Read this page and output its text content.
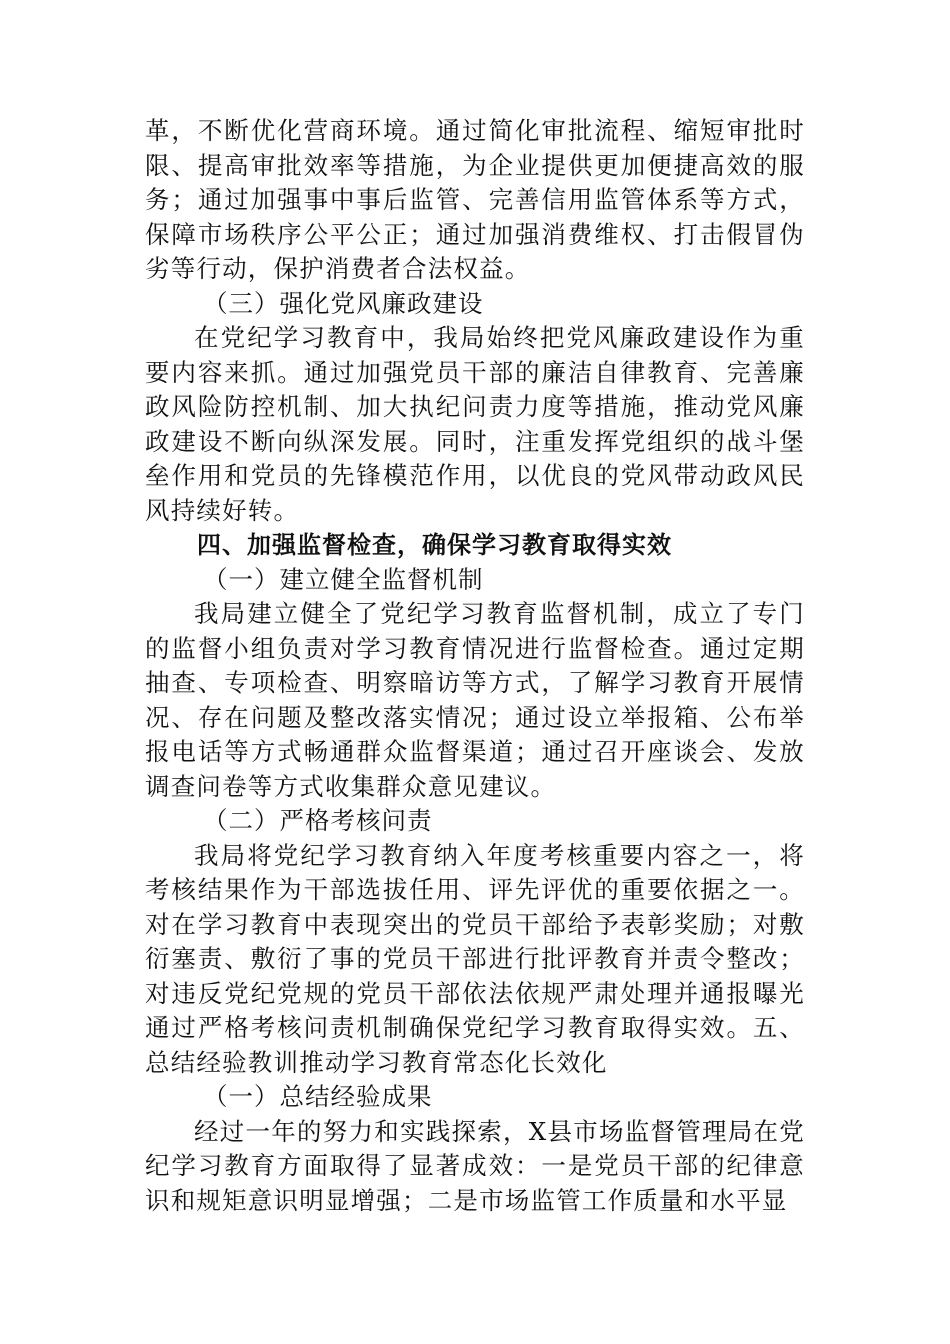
革，不断优化营商环境。通过简化审批流程、缩短审批时限、提高审批效率等措施，为企业提供更加便捷高效的服务；通过加强事中事后监管、完善信用监管体系等方式，保障市场秩序公平公正；通过加强消费维权、打击假冒伪劣等行动，保护消费者合法权益。

（三）强化党风廉政建设

在党纪学习教育中，我局始终把党风廉政建设作为重要内容来抓。通过加强党员干部的廉洁自律教育、完善廉政风险防控机制、加大执纪问责力度等措施，推动党风廉政建设不断向纵深发展。同时，注重发挥党组织的战斗堡垒作用和党员的先锋模范作用，以优良的党风带动政风民风持续好转。

四、加强监督检查，确保学习教育取得实效

（一）建立健全监督机制

我局建立健全了党纪学习教育监督机制，成立了专门的监督小组负责对学习教育情况进行监督检查。通过定期抽查、专项检查、明察暗访等方式，了解学习教育开展情况、存在问题及整改落实情况；通过设立举报箱、公布举报电话等方式畅通群众监督渠道；通过召开座谈会、发放调查问卷等方式收集群众意见建议。

（二）严格考核问责

我局将党纪学习教育纳入年度考核重要内容之一，将考核结果作为干部选拔任用、评先评优的重要依据之一。对在学习教育中表现突出的党员干部给予表彰奖励；对敷衍塞责、敷衍了事的党员干部进行批评教育并责令整改；对违反党纪党规的党员干部依法依规严肃处理并通报曝光通过严格考核问责机制确保党纪学习教育取得实效。五、总结经验教训推动学习教育常态化长效化

（一）总结经验成果

经过一年的努力和实践探索，X县市场监督管理局在党纪学习教育方面取得了显著成效：一是党员干部的纪律意识和规矩意识明显增强；二是市场监管工作质量和水平显
